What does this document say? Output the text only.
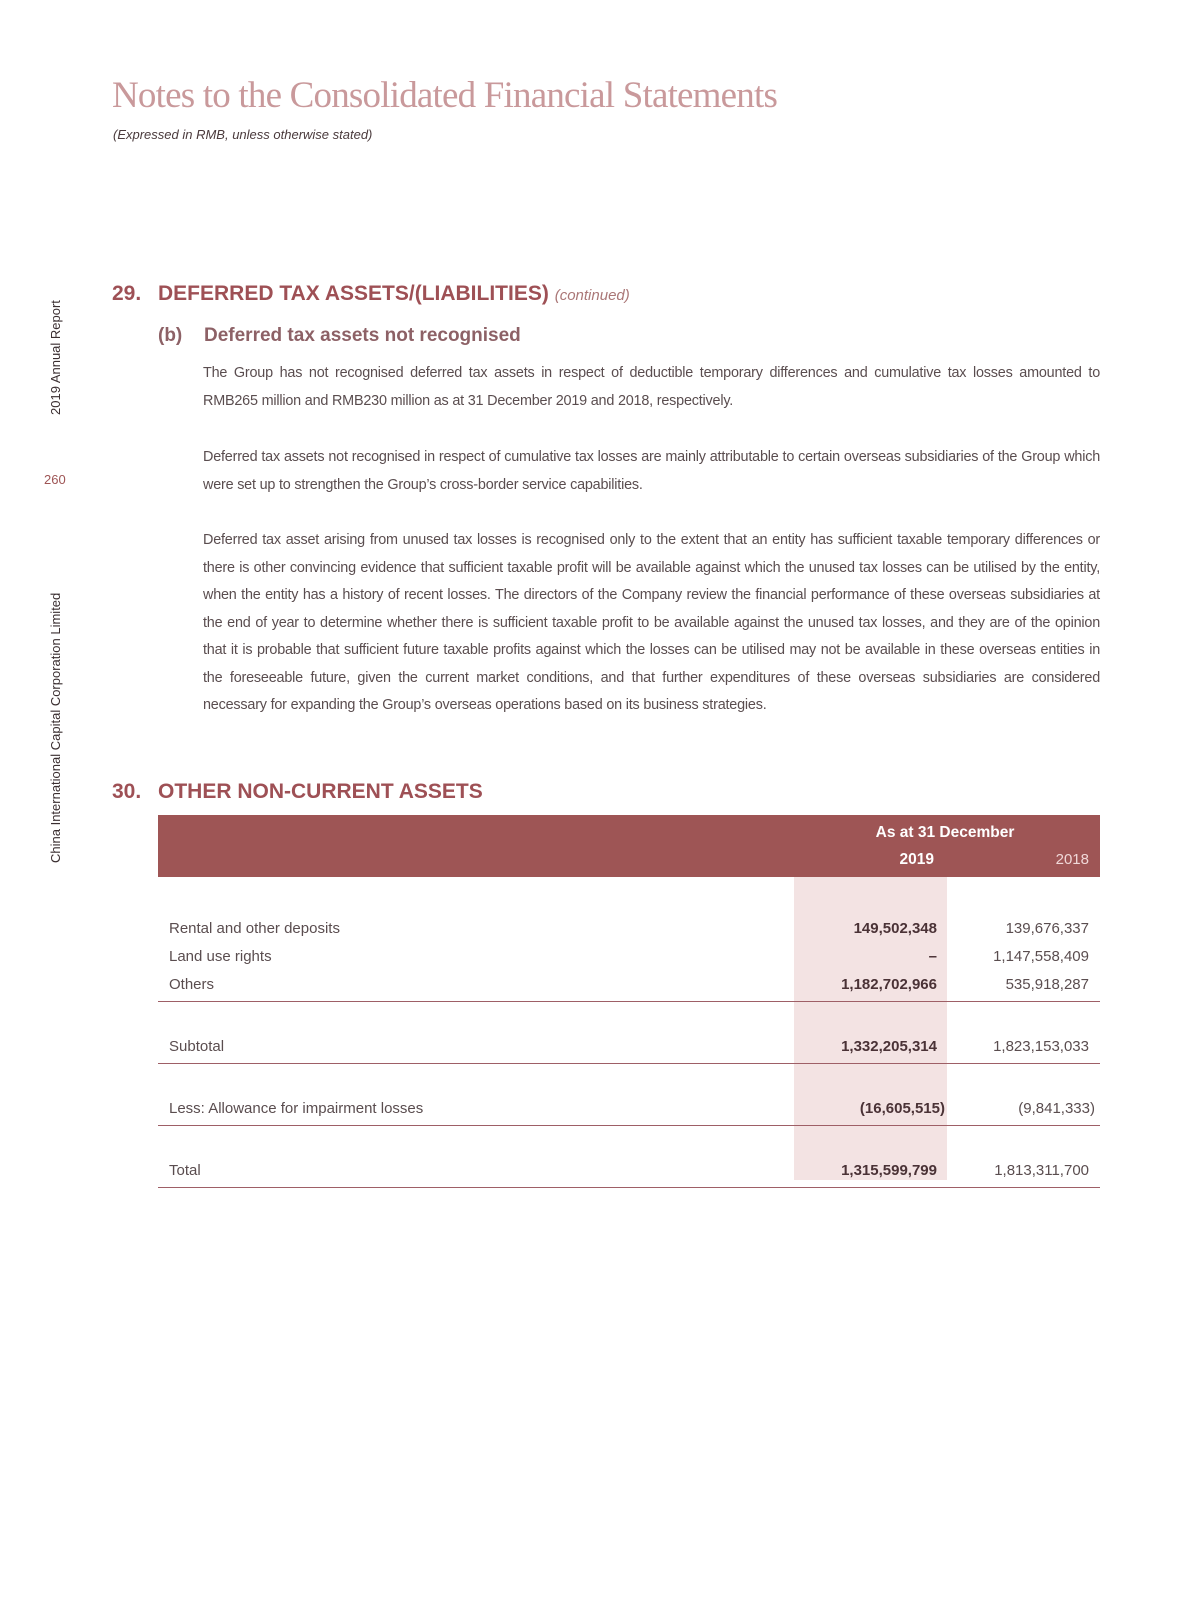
Notes to the Consolidated Financial Statements
(Expressed in RMB, unless otherwise stated)
2019 Annual Report
260
China International Capital Corporation Limited
29. DEFERRED TAX ASSETS/(LIABILITIES) (continued)
(b) Deferred tax assets not recognised
The Group has not recognised deferred tax assets in respect of deductible temporary differences and cumulative tax losses amounted to RMB265 million and RMB230 million as at 31 December 2019 and 2018, respectively.
Deferred tax assets not recognised in respect of cumulative tax losses are mainly attributable to certain overseas subsidiaries of the Group which were set up to strengthen the Group’s cross-border service capabilities.
Deferred tax asset arising from unused tax losses is recognised only to the extent that an entity has sufficient taxable temporary differences or there is other convincing evidence that sufficient taxable profit will be available against which the unused tax losses can be utilised by the entity, when the entity has a history of recent losses. The directors of the Company review the financial performance of these overseas subsidiaries at the end of year to determine whether there is sufficient taxable profit to be available against the unused tax losses, and they are of the opinion that it is probable that sufficient future taxable profits against which the losses can be utilised may not be available in these overseas entities in the foreseeable future, given the current market conditions, and that further expenditures of these overseas subsidiaries are considered necessary for expanding the Group’s overseas operations based on its business strategies.
30. OTHER NON-CURRENT ASSETS
As at 31 December
2019	2018
Rental and other deposits	149,502,348	139,676,337
Land use rights	–	1,147,558,409
Others	1,182,702,966	535,918,287
Subtotal	1,332,205,314	1,823,153,033
Less: Allowance for impairment losses	(16,605,515)	(9,841,333)
Total	1,315,599,799	1,813,311,700
